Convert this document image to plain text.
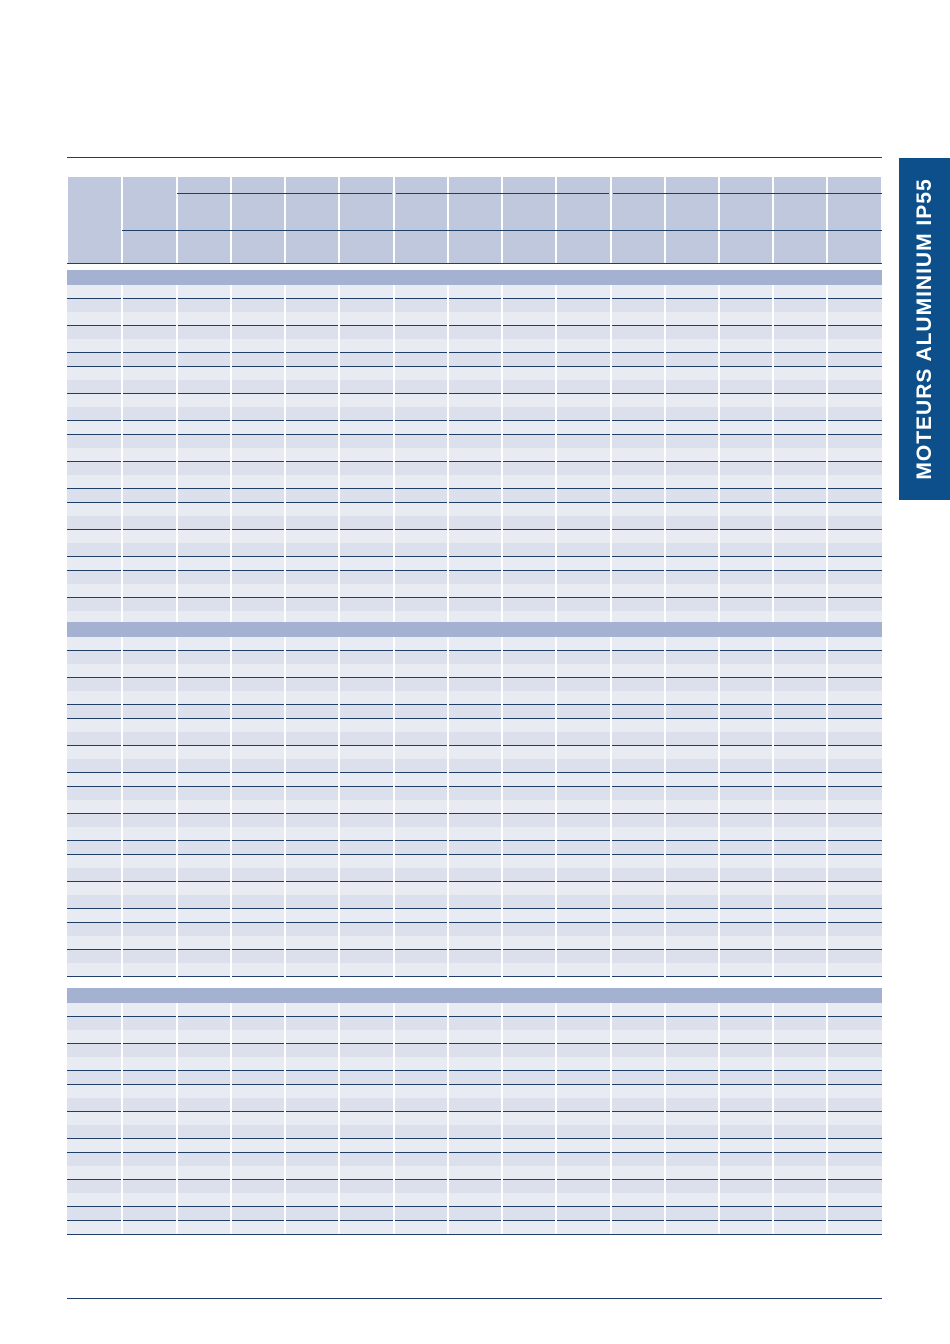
MOTEURS ALUMINIUM IP55
